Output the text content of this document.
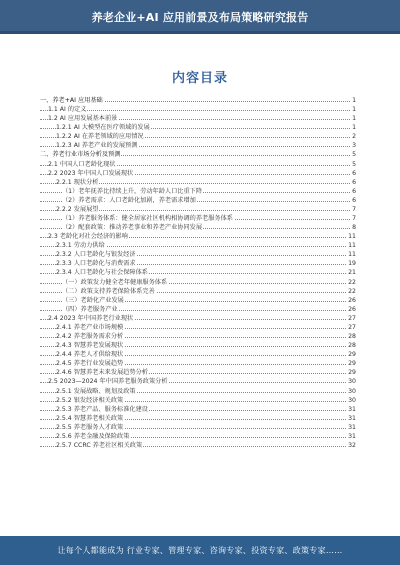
养老企业+AI 应用前景及布局策略研究报告
内容目录
一、养老+AI 应用基础	1
1.1 AI 的定义	1
1.2 AI 应用发展基本前景	1
1.2.1 AI 大模型在医疗领域的发展	1
1.2.2 AI 在养老领域的应用情况	2
1.2.3 AI 养老产业的发展预测	3
二、养老行业市场分析及预测	5
2.1 中国人口老龄化现状	5
2.2 2023 年中国人口发展现状	6
2.2.1 现状分析	6
（1）老年抚养比持续上升，劳动年龄人口比重下降	6
（2）养老需求：人口老龄化加剧，养老需求增加	6
2.2.2 发展展望	7
（1）养老服务体系：健全居家社区机构相协调的养老服务体系	7
（2）配套政策：推动养老事业和养老产业协同发展	8
2.3 老龄化对社会经济的影响	11
2.3.1 劳动力供给	11
2.3.2 人口老龄化与银发经济	11
2.3.3 人口老龄化与消费需求	19
2.3.4 人口老龄化与社会保障体系	21
（一）政策发力健全老年健康服务体系	22
（二）政策支持养老保险体系完善	22
（三）老龄化产业发展	26
（四）养老服务产业	26
2.4 2023 年中国养老行业现状	27
2.4.1 养老产业市场规模	27
2.4.2 养老服务需求分析	28
2.4.3 智慧养老发展现状	28
2.4.4 养老人才供给现状	29
2.4.5 养老行业发展趋势	29
2.4.6 智慧养老未来发展趋势分析	29
2.5 2023—2024 年中国养老服务政策分析	30
2.5.1 发展战略、规划及政策	30
2.5.2 银发经济相关政策	30
2.5.3 养老产品、服务标准化建设	31
2.5.4 智慧养老相关政策	31
2.5.5 养老服务人才政策	31
2.5.6 养老金融及保险政策	31
2.5.7 CCRC 养老社区相关政策	32
让每个人都能成为 行业专家、管理专家、咨询专家、投资专家、政策专家……
